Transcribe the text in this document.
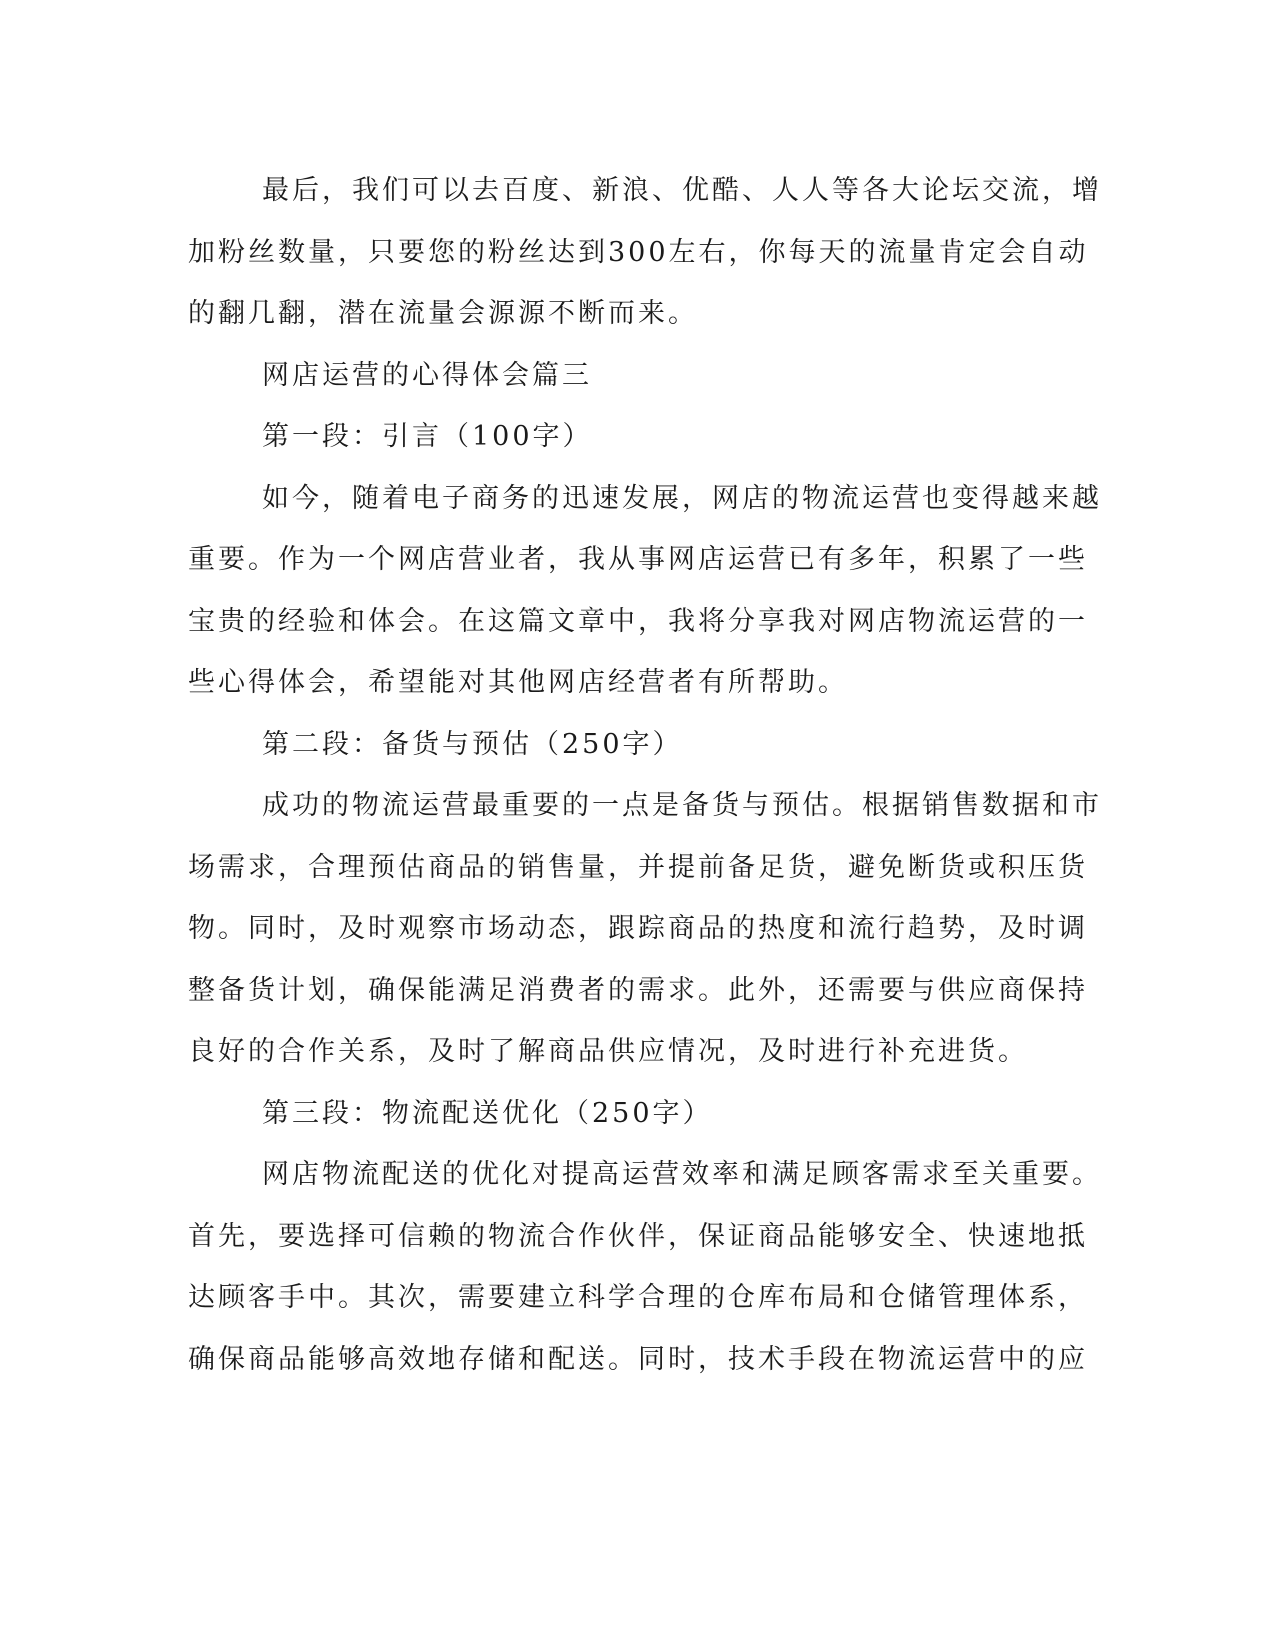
最后，我们可以去百度、新浪、优酷、人人等各大论坛交流，增
加粉丝数量，只要您的粉丝达到300左右，你每天的流量肯定会自动
的翻几翻，潜在流量会源源不断而来。
网店运营的心得体会篇三
第一段：引言（100字）
如今，随着电子商务的迅速发展，网店的物流运营也变得越来越
重要。作为一个网店营业者，我从事网店运营已有多年，积累了一些
宝贵的经验和体会。在这篇文章中，我将分享我对网店物流运营的一
些心得体会，希望能对其他网店经营者有所帮助。
第二段：备货与预估（250字）
成功的物流运营最重要的一点是备货与预估。根据销售数据和市
场需求，合理预估商品的销售量，并提前备足货，避免断货或积压货
物。同时，及时观察市场动态，跟踪商品的热度和流行趋势，及时调
整备货计划，确保能满足消费者的需求。此外，还需要与供应商保持
良好的合作关系，及时了解商品供应情况，及时进行补充进货。
第三段：物流配送优化（250字）
网店物流配送的优化对提高运营效率和满足顾客需求至关重要。
首先，要选择可信赖的物流合作伙伴，保证商品能够安全、快速地抵
达顾客手中。其次，需要建立科学合理的仓库布局和仓储管理体系，
确保商品能够高效地存储和配送。同时，技术手段在物流运营中的应
